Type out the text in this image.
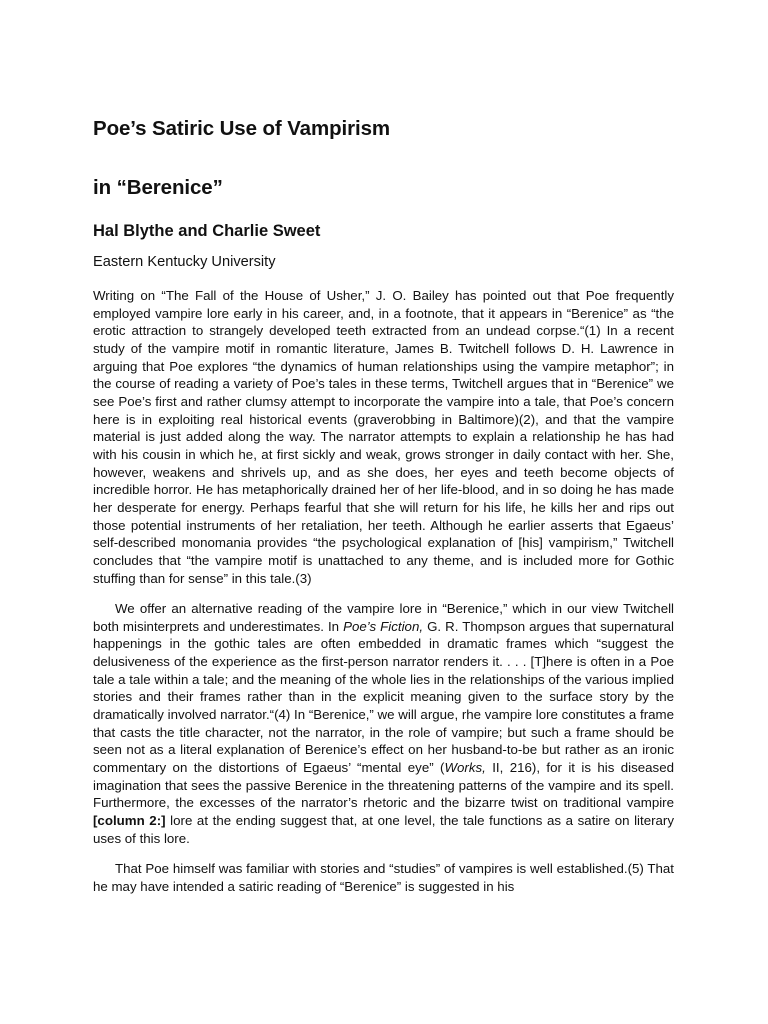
Poe’s Satiric Use of Vampirism
in “Berenice”
Hal Blythe and Charlie Sweet

Eastern Kentucky University

Writing on “The Fall of the House of Usher,” J. O. Bailey has pointed out that Poe frequently employed vampire lore early in his career, and, in a footnote, that it appears in “Berenice” as “the erotic attraction to strangely developed teeth extracted from an undead corpse.“(1) In a recent study of the vampire motif in romantic literature, James B. Twitchell follows D. H. Lawrence in arguing that Poe explores “the dynamics of human relationships using the vampire metaphor”; in the course of reading a variety of Poe’s tales in these terms, Twitchell argues that in “Berenice” we see Poe’s first and rather clumsy attempt to incorporate the vampire into a tale, that Poe’s concern here is in exploiting real historical events (graverobbing in Baltimore)(2), and that the vampire material is just added along the way. The narrator attempts to explain a relationship he has had with his cousin in which he, at first sickly and weak, grows stronger in daily contact with her. She, however, weakens and shrivels up, and as she does, her eyes and teeth become objects of incredible horror. He has metaphorically drained her of her life-blood, and in so doing he has made her desperate for energy. Perhaps fearful that she will return for his life, he kills her and rips out those potential instruments of her retaliation, her teeth. Although he earlier asserts that Egaeus’ self-described monomania provides “the psychological explanation of [his] vampirism,” Twitchell concludes that “the vampire motif is unattached to any theme, and is included more for Gothic stuffing than for sense” in this tale.(3)

We offer an alternative reading of the vampire lore in “Berenice,” which in our view Twitchell both misinterprets and underestimates. In Poe’s Fiction, G. R. Thompson argues that supernatural happenings in the gothic tales are often embedded in dramatic frames which “suggest the delusiveness of the experience as the first-person narrator renders it. . . . [T]here is often in a Poe tale a tale within a tale; and the meaning of the whole lies in the relationships of the various implied stories and their frames rather than in the explicit meaning given to the surface story by the dramatically involved narrator.“(4) In “Berenice,” we will argue, rhe vampire lore constitutes a frame that casts the title character, not the narrator, in the role of vampire; but such a frame should be seen not as a literal explanation of Berenice’s effect on her husband-to-be but rather as an ironic commentary on the distortions of Egaeus’ “mental eye” (Works, II, 216), for it is his diseased imagination that sees the passive Berenice in the threatening patterns of the vampire and its spell. Furthermore, the excesses of the narrator’s rhetoric and the bizarre twist on traditional vampire [column 2:] lore at the ending suggest that, at one level, the tale functions as a satire on literary uses of this lore.

That Poe himself was familiar with stories and “studies” of vampires is well established.(5) That he may have intended a satiric reading of “Berenice” is suggested in his
